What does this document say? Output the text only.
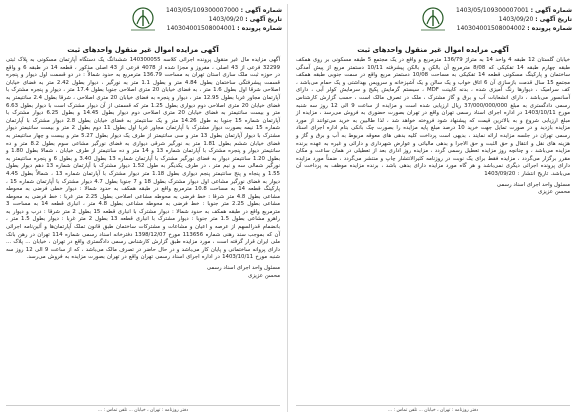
شماره آگهی : 1403/05/109300007000
تاریخ آگهی : 1403/09/20
شماره پرونده : 140304001508004001
آگهی مزایده اموال غیر منقول واحدهای ثبت

آگهی مزایده مال غیر منقول پرونده اجرائی کلاسه 140300055 ششدانگ یک دستگاه آپارتمان مسکونی به پلاک ثبتی 32299 فرعی از 43 اصلی ، مفروز و مجزا شده از 4078 فرعی از 43 اصلی مذکور ، قطعه 14 در طبقه 6 و واقع در حوزه ثبت ملک ساری استان تهران به مساحت 136.79 مترمربع به حدود شمالاً : در دو قسمت اول دیوار و پنجره قسمت پیشرفتگی ساختمان بطول 4.84 متر و بطول 1.1 متر به نورگیر ، دیوار بطول 2.42 متر به فضای خیابان اصلاحی شرقا اول بطول 1.6 متر ، به فضای خیابان 20 متری اصلاحی جنوبا بطول 17.4 متر ، دیوار و پنجره مشترک با آپارتمان مجاور غربا بطول 12.95 متر ، دیوار و پنجره به فضای خیابان 20 متری اصلاحی ، شرقا بطول 2.4 سانتیمتر به فضای خیابان 20 متری اصلاحی دوم دیواری بطول 1.25 متر که قسمتی از آن دیوار مشترک است با دیوار بطول 6.63 متر و بیست سانتیمتر به فضای خیابان 20 متری اصلاحی دوم دیوار بطول 14.45 و بطول 6.25 دیوار مشترک با آپارتمان شماره 15 جنوبا به طول 14.26 متر و یک سانتیمتر به فضای خیابان بطول 2.8 دیوار مشترک با آپارتمان شماره 15 نیمه بصورت دیوار مشترک با آپارتمان مجاور غربا اول بطول 11 دوم بطول 2 متر و بیست سانتیمتر دیوار مشترک با دیوار آپارتمان بطول 13 متر و سی سانتیمتر از طرف یک دیوار بطول 5.27 متر و بیست و چهار سانتیمتر به فضای خیابان ششم بطول 1.81 متر به نورگیر شرقی دیواری به فضای نورگیر مشاعی سوم بطول 8.2 متر و ده سانتیمتر دیوار و پنجره مشترک با آپارتمان شماره 13 و 14 متر و ده سانتیمتر از طرف خیابان ، شمالا بطول 1.80 و بطول 1.20 سانتیمتر دیوار به فضای نورگیر مشترک با آپارتمان شماره 13 بطول 3.40 و بطول 6 و پنجره سانتیمتر به نورگیر شمالی سه و نیم متر ، در طرف یکدیگر به طول 1.52 دیوار مشترک با آپارتمان شماره 13 دهم دیوار بطول 1.55 و پنجاه و پنج سانتیمتر پنجم دیواری بطول 1.18 متر دیوار مشترک با آپارتمان شماره 13 ، شمالاً بطول 4.45 دیوار به فضای نورگیر مشاعی اول دیوار مشترک بطول 18 و 7 جنوبا بطول 4.7 دیوار مشترک با آپارتمان شماره 15 ، پارکینگ قطعه 14 به مساحت 10.8 مترمربع واقع در طبقه همکف به حدود شمالا : دیوار خطی فرضی به محوطه مشاعی بطول 4.8 متر شرقا : خط فرضی به محوطه مشاعی اصلاحی بطول 2.25 متر غربا : خط فرضی به محوطه مشاعی بطول 2.25 متر جنوبا : خط فرضی به محوطه مشاعی بطول 4.8 متر ، انباری قطعه 14 به مساحت 3 مترمربع واقع در طبقه همکف به حدود شمالا : دیوار مشترک با انباری قطعه 15 بطول 2 متر شرقا : درب و دیوار به راهرو مشاعی بطول 1.5 متر جنوبا : دیوار مشترک با انباری قطعه 13 بطول 2 متر غربا : دیوار بطول 1.5 متر ، بانضمام قدرالسهم از عرصه و اعیان و مشاعات و مشترکات ساختمان طبق قانون تملک آپارتمان‌ها و آئین‌نامه اجرائی آن که بموجب سند رهنی شماره 113656 مورخ 1398/12/07 دفترخانه اسناد رسمی شماره 114 تهران در رهن بانک ملی ایران قرار گرفته است ، مورد مزایده طبق گزارش کارشناس رسمی دادگستری واقع در تهران ، خیابان ... پلاک ... دارای پروانه ساختمانی و پایان کار می‌باشد و در حال حاضر در تصرف مالک می‌باشد ، که از ساعت 9 الی 12 روز سه شنبه مورخ 1403/10/11 در اداره اجرای اسناد رسمی تهران واقع در تهران بصورت مزایده به فروش می‌رسد.

مسئول واحد اجرای اسناد رسمی
محسن عزیزی
دفتر روزنامه : تهران ، خیابان ... تلفن تماس : ...
شماره آگهی : 1403/05/109300007001
تاریخ آگهی : 1403/09/20
شماره پرونده : 140304001508004002
آگهی مزایده اموال غیر منقول واحدهای ثبت

خیابان گلستان 12 طبقه 4 واحد 14 به متراژ 136/79 مترمربع و واقع در یک مجتمع 5 طبقه مسکونی بر روی همکف طبقه چهارم طبقه 14 تفکیکی که 8/08 مترمربع آن بالکن و بالکن پیشرفته 10/11 دستمتر مربع از پیش آمدگی ساختمان و پارکینگ مسکونی قطعه 14 تفکیکی به مساحت 10/08 دستمتر مربع واقع در سمت جنوبی طبقه همکف مجتمع 15 سال قدمت بازسازی آن 6 اتاق خواب و یک سالن و یک آشپزخانه و سرویس بهداشتی و یک حمام می‌باشد ، کف سرامیک ، دیوارها رنگ آمیزی شده ، بدنه کابینت MDF ، سیستم گرمایش پکیج و سرمایش کولر آبی ، دارای آسانسور می‌باشد ، دارای انشعابات آب و برق و گاز مشترک ، ملک در تصرف مالک است ، حسب گزارش کارشناس رسمی دادگستری به مبلغ 37/000/000/000 ریال ارزیابی شده است و مزایده از ساعت 9 الی 12 روز سه شنبه مورخ 1403/10/11 در اداره اجرای اسناد رسمی تهران واقع در تهران بصورت حضوری به فروش می‌رسد ، مزایده از مبلغ ارزیابی شروع و به بالاترین قیمت که پیشنهاد شود فروخته خواهد شد ، لذا طالبین به خرید می‌توانند از مورد مزایده بازدید و در صورت تمایل جهت خرید 10 درصد مبلغ پایه مزایده را بصورت چک بانکی بنام اداره اجرای اسناد رسمی تهران در جلسه مزایده ارائه نمایند ، بدیهی است پرداخت کلیه بدهی های معوقه مربوط به آب و برق و گاز و هزینه های نقل و انتقال و حق الثبت و حق الاجرا و بدهی مالیاتی و عوارض شهرداری و دارائی و غیره به عهده برنده مزایده می‌باشد ، و چنانچه روز مزایده تعطیل رسمی گردد ، مزایده روز اداری بعد از تعطیلی در همان ساعت و مکان مقرر برگزار می‌گردد ، مزایده فقط برای یک نوبت در روزنامه کثیرالانتشار چاپ و منتشر می‌گردد ، ضمناً مورد مزایده دارای پرونده اجرائی دیگری نمی‌باشد و هر گاه مورد مزایده دارای بدهی باشد ، برنده مزایده موظف به پرداخت آن می‌باشد. تاریخ انتشار : 1403/09/20

مسئول واحد اجرای اسناد رسمی
محسن عزیزی
دفتر روزنامه : تهران ، خیابان ... تلفن تماس : ...
